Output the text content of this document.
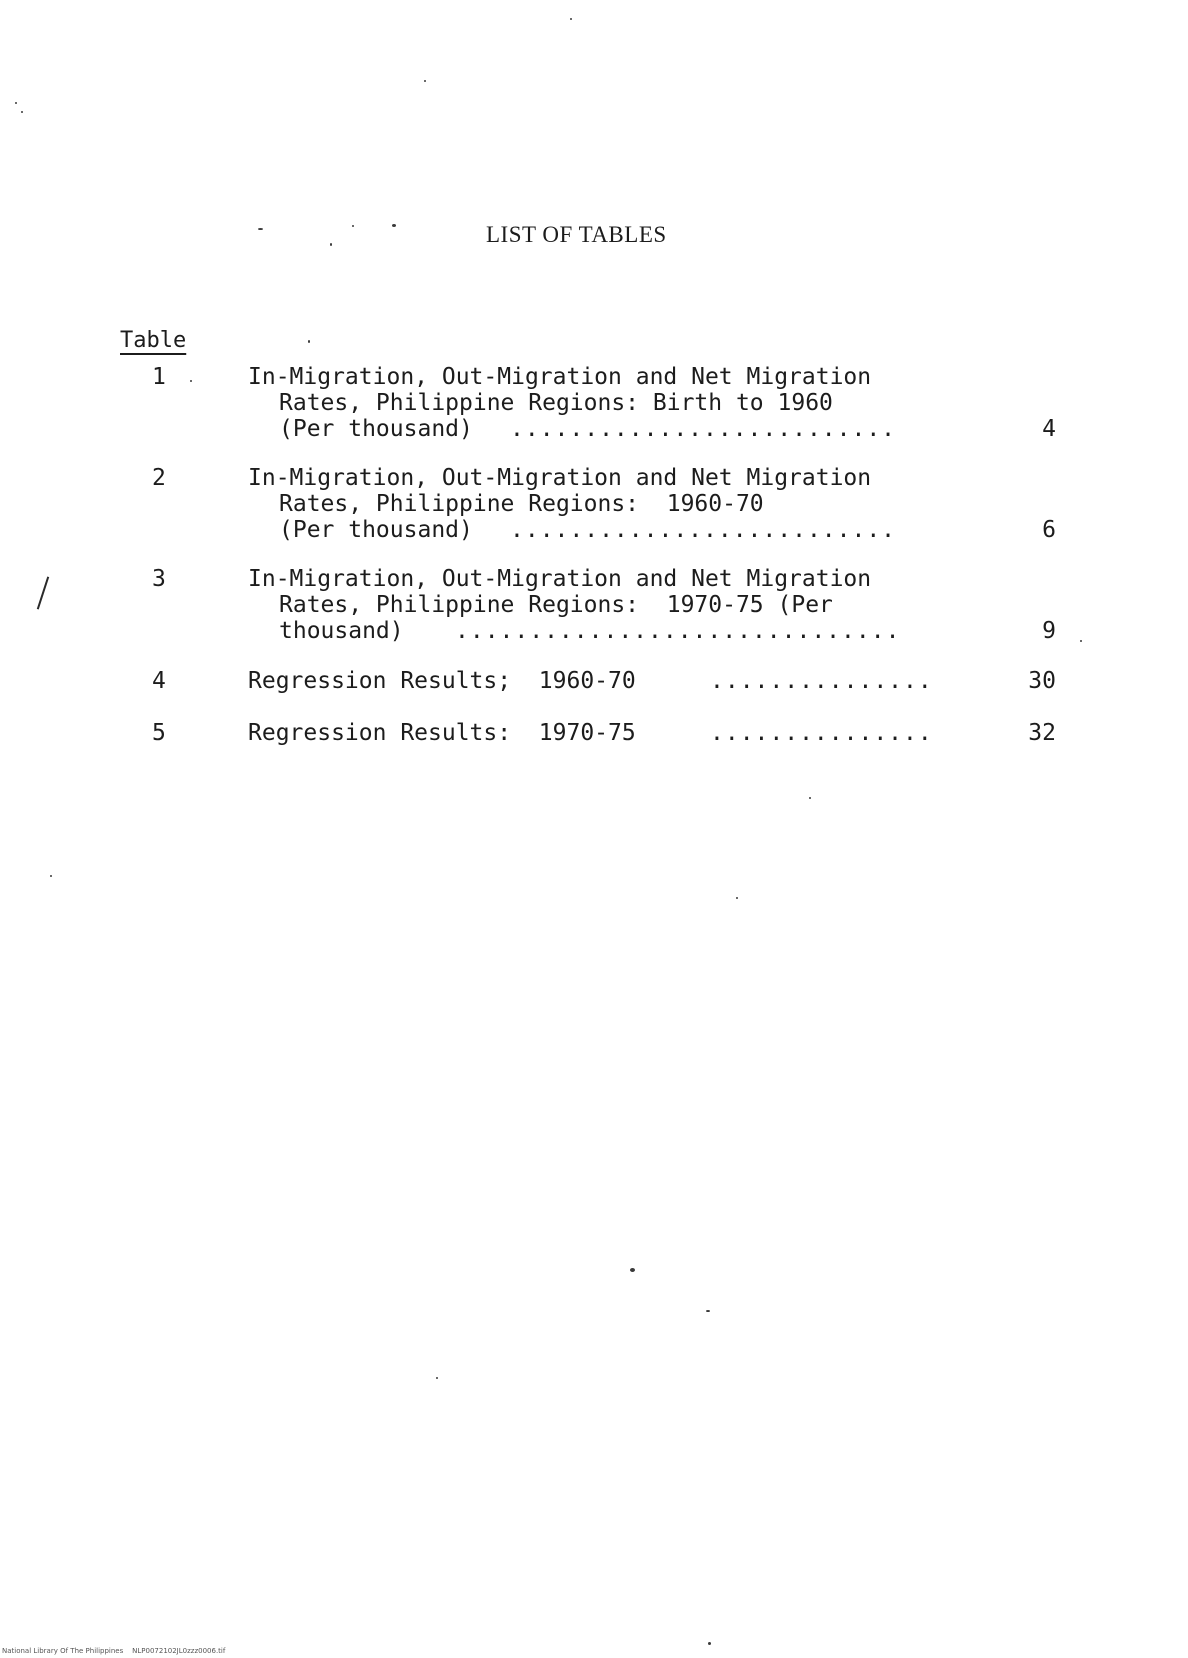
LIST OF TABLES
Table
1	In-Migration, Out-Migration and Net Migration
Rates, Philippine Regions: Birth to 1960
(Per thousand) ..........................	4
2	In-Migration, Out-Migration and Net Migration
Rates, Philippine Regions:  1960-70
(Per thousand) ..........................	6
3	In-Migration, Out-Migration and Net Migration
Rates, Philippine Regions:  1970-75 (Per
thousand) ..............................	9
4	Regression Results;  1960-70	...............	30
5	Regression Results:  1970-75	...............	32
National Library Of The Philippines    NLP0072102JL0zzz0006.tif
